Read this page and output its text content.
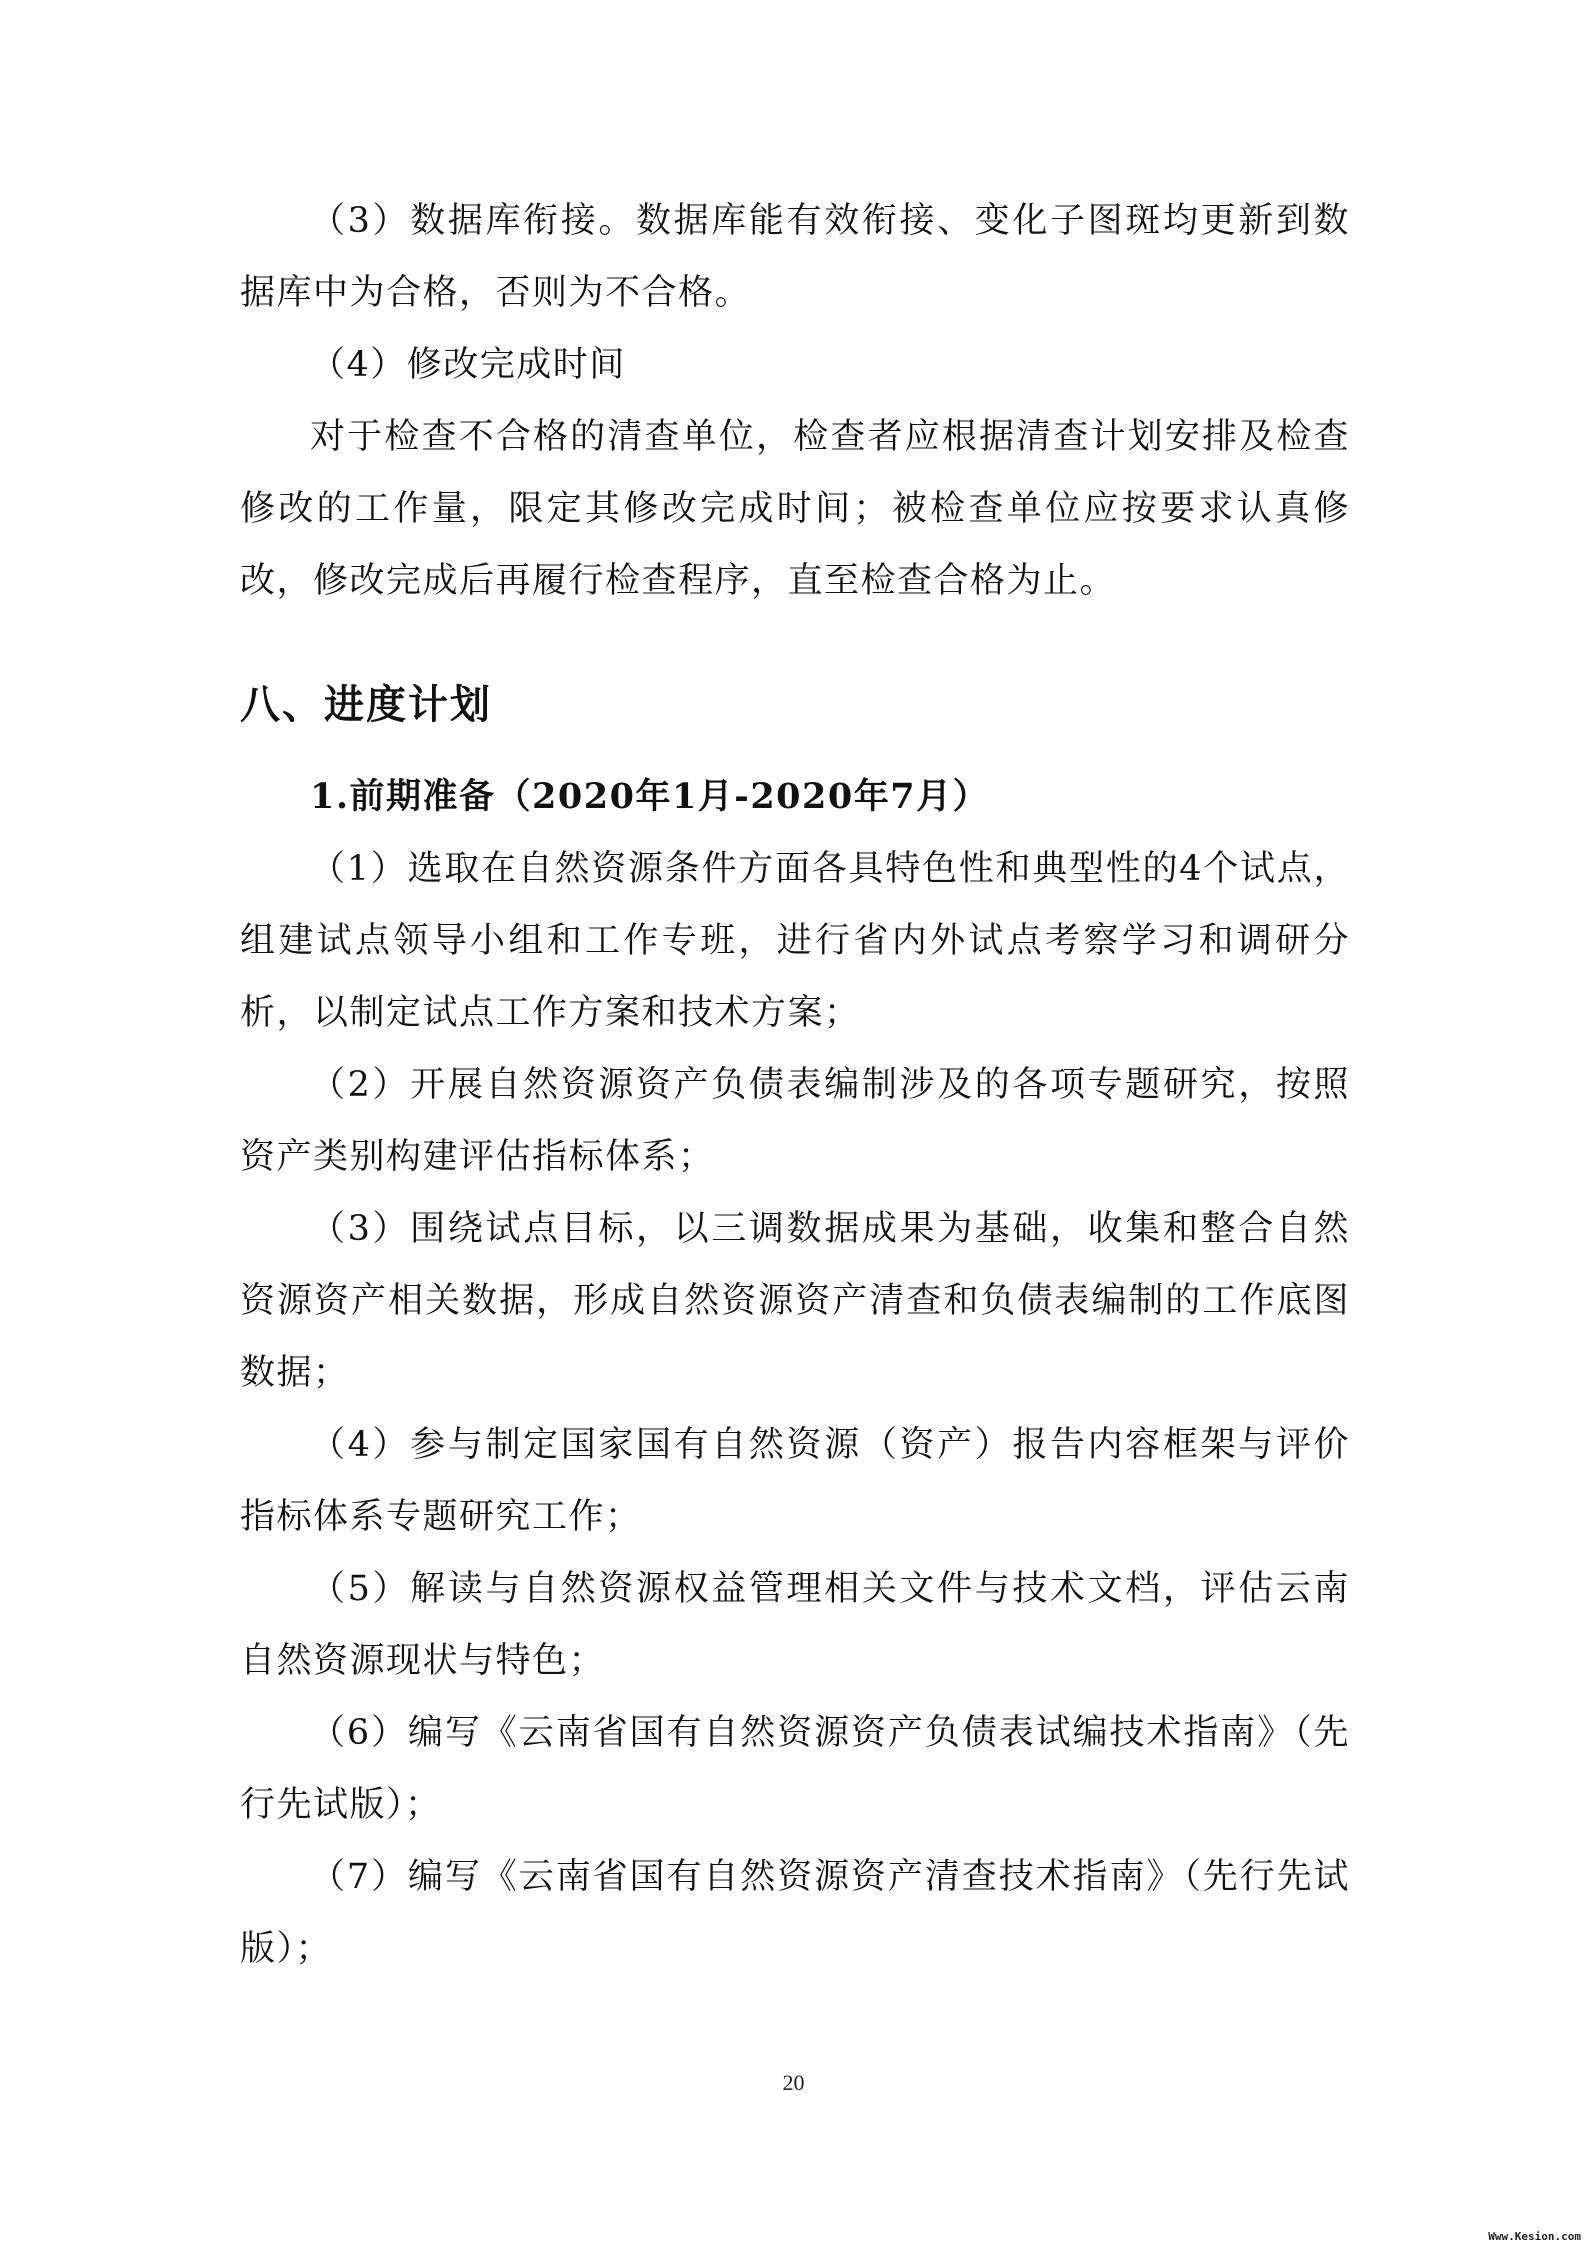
（3）数据库衔接。数据库能有效衔接、变化子图斑均更新到数据库中为合格，否则为不合格。

（4）修改完成时间

对于检查不合格的清查单位，检查者应根据清查计划安排及检查修改的工作量，限定其修改完成时间；被检查单位应按要求认真修改，修改完成后再履行检查程序，直至检查合格为止。

八、进度计划

1.前期准备（2020年1月-2020年7月）

（1）选取在自然资源条件方面各具特色性和典型性的4个试点，组建试点领导小组和工作专班，进行省内外试点考察学习和调研分析，以制定试点工作方案和技术方案；

（2）开展自然资源资产负债表编制涉及的各项专题研究，按照资产类别构建评估指标体系；

（3）围绕试点目标，以三调数据成果为基础，收集和整合自然资源资产相关数据，形成自然资源资产清查和负债表编制的工作底图数据；

（4）参与制定国家国有自然资源（资产）报告内容框架与评价指标体系专题研究工作；

（5）解读与自然资源权益管理相关文件与技术文档，评估云南自然资源现状与特色；

（6）编写《云南省国有自然资源资产负债表试编技术指南》（先行先试版）；

（7）编写《云南省国有自然资源资产清查技术指南》（先行先试版）；

20
Www.Kesion.com
